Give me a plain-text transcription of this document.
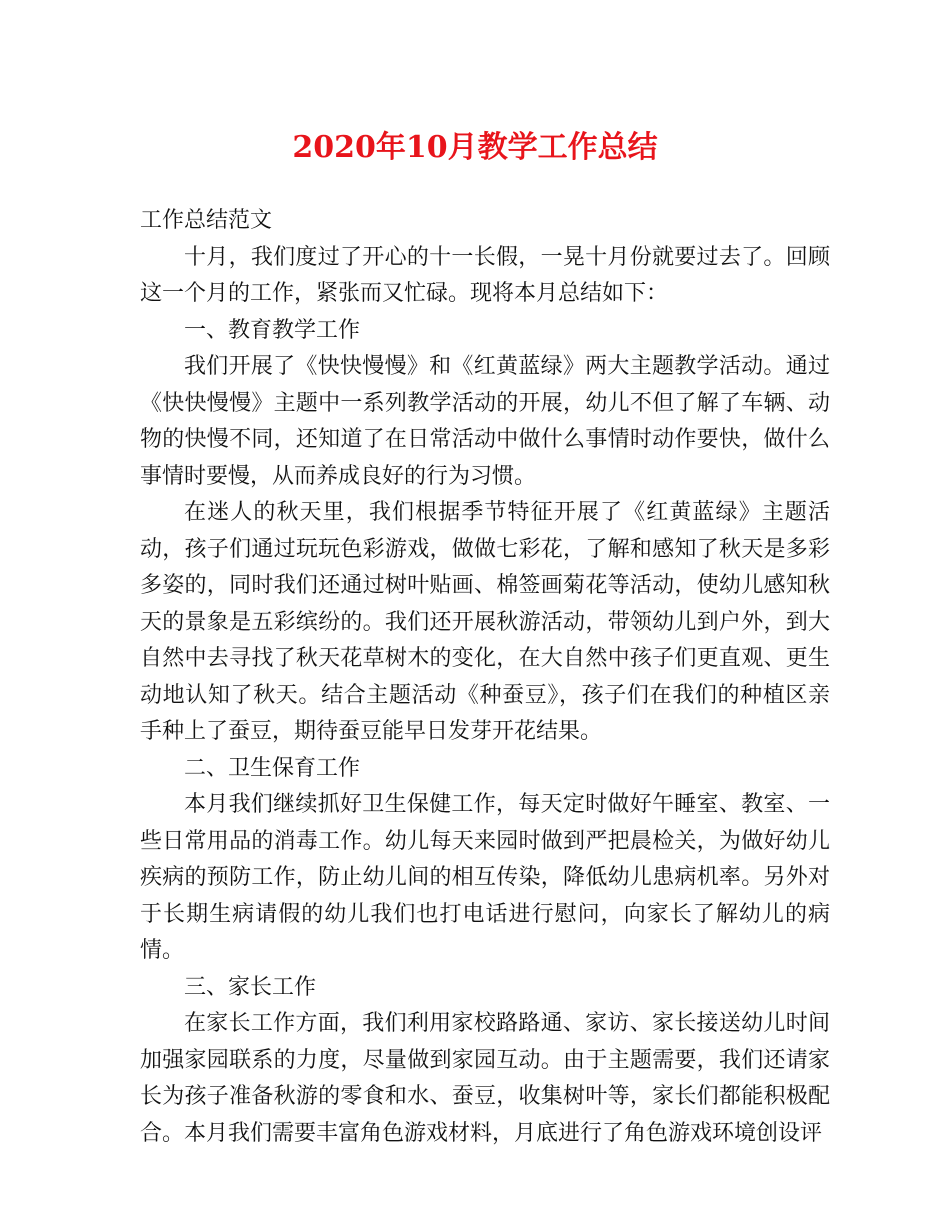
2020年10月教学工作总结

工作总结范文

十月，我们度过了开心的十一长假，一晃十月份就要过去了。回顾这一个月的工作，紧张而又忙碌。现将本月总结如下：

一、教育教学工作

我们开展了《快快慢慢》和《红黄蓝绿》两大主题教学活动。通过《快快慢慢》主题中一系列教学活动的开展，幼儿不但了解了车辆、动物的快慢不同，还知道了在日常活动中做什么事情时动作要快，做什么事情时要慢，从而养成良好的行为习惯。

在迷人的秋天里，我们根据季节特征开展了《红黄蓝绿》主题活动，孩子们通过玩玩色彩游戏，做做七彩花，了解和感知了秋天是多彩多姿的，同时我们还通过树叶贴画、棉签画菊花等活动，使幼儿感知秋天的景象是五彩缤纷的。我们还开展秋游活动，带领幼儿到户外，到大自然中去寻找了秋天花草树木的变化，在大自然中孩子们更直观、更生动地认知了秋天。结合主题活动《种蚕豆》，孩子们在我们的种植区亲手种上了蚕豆，期待蚕豆能早日发芽开花结果。

二、卫生保育工作

本月我们继续抓好卫生保健工作，每天定时做好午睡室、教室、一些日常用品的消毒工作。幼儿每天来园时做到严把晨检关，为做好幼儿疾病的预防工作，防止幼儿间的相互传染，降低幼儿患病机率。另外对于长期生病请假的幼儿我们也打电话进行慰问，向家长了解幼儿的病情。

三、家长工作

在家长工作方面，我们利用家校路路通、家访、家长接送幼儿时间加强家园联系的力度，尽量做到家园互动。由于主题需要，我们还请家长为孩子准备秋游的零食和水、蚕豆，收集树叶等，家长们都能积极配合。本月我们需要丰富角色游戏材料，月底进行了角色游戏环境创设评
